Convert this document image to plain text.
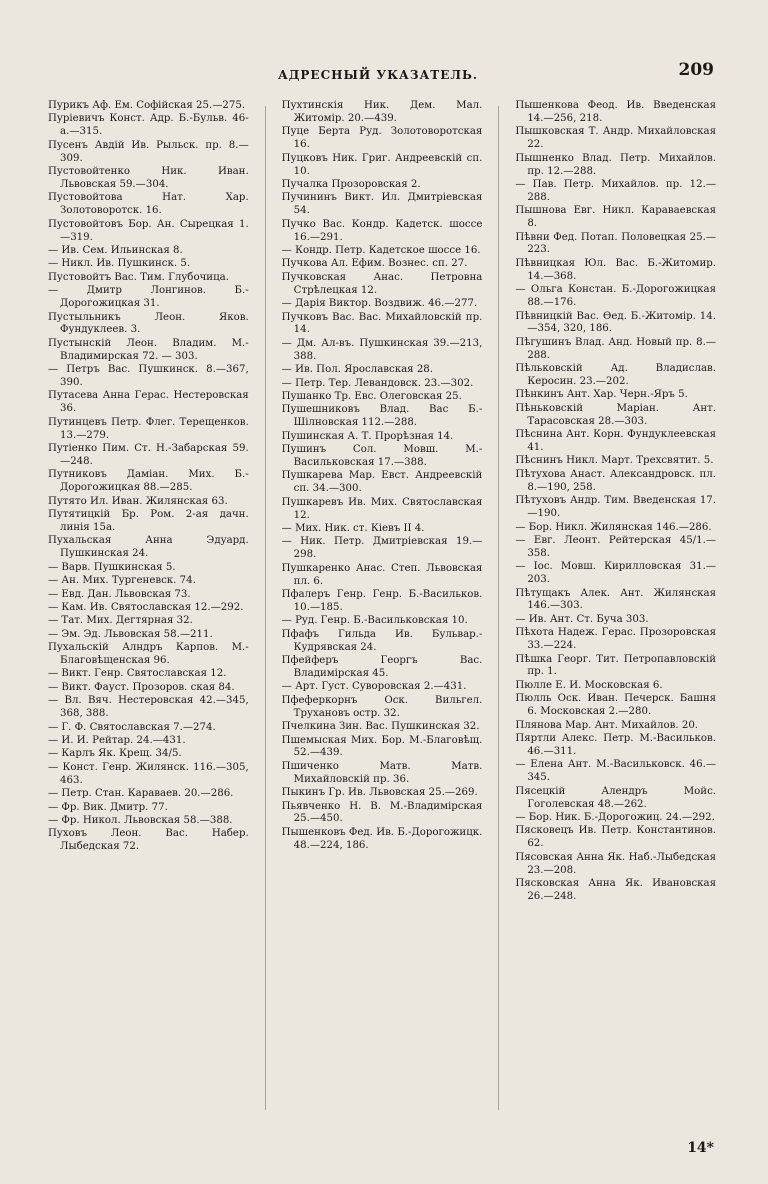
АДРЕСНЫЙ УКАЗАТЕЛЬ.	209
Пурикъ Аф. Ем. Софійская 25.—275.
Пуріевичъ Конст. Адр. Б.-Бульв. 46-а.—315.
Пусенъ Авдій Ив. Рыльск. пр. 8.—309.
Пустовойтенко Ник. Иван. Львовская 59.—304.
Пустовойтова Нат. Хар. Золотоворотск. 16.
Пустовойтовъ Бор. Ан. Сырецкая 1.—319.
— Ив. Сем. Ильинская 8.
— Никл. Ив. Пушкинск. 5.
Пустовойтъ Вас. Тим. Глубочица.
— Дмитр Лонгинов. Б.-Дорогожицкая 31.
Пустыльникъ Леон. Яков. Фундуклеев. 3.
Пустынскій Леон. Владим. М.-Владимирская 72. — 303.
— Петръ Вас. Пушкинск. 8.—367, 390.
Путасева Анна Герас. Нестеровская 36.
Путинцевъ Петр. Флег. Терещенков. 13.—279.
Путіенко Пим. Ст. Н.-Забарская 59.—248.
Путниковъ Даміан. Мих. Б.-Дорогожицкая 88.—285.
Путято Ил. Иван. Жилянская 63.
Путятицкій Бр. Ром. 2-ая дачн. линія 15а.
Пухальская Анна Эдуард. Пушкинская 24.
— Варв. Пушкинская 5.
— Ан. Мих. Тургеневск. 74.
— Евд. Дан. Львовская 73.
— Кам. Ив. Святославская 12.—292.
— Тат. Мих. Дегтярная 32.
— Эм. Эд. Львовская 58.—211.
Пухальскій Алндръ Карпов. М.-Благовѣщенская 96.
— Викт. Генр. Святославская 12.
— Викт. Фауст. Прозоров. ская 84.
— Вл. Вяч. Нестеровская 42.—345, 368, 388.
— Г. Ф. Святославская 7.—274.
— И. И. Рейтар. 24.—431.
— Карлъ Як. Крещ. 34/5.
— Конст. Генр. Жилянск. 116.—305, 463.
— Петр. Стан. Караваев. 20.—286.
— Фр. Вик. Дмитр. 77.
— Фр. Никол. Львовская 58.—388.
Пуховъ Леон. Вас. Набер. Лыбедская 72.
Пухтинскія Ник. Дем. Мал. Житомір. 20.—439.
Пуце Берта Руд. Золотоворотская 16.
Пуцковъ Ник. Григ. Андреевскій сп. 10.
Пучалка Прозоровская 2.
Пучининъ Викт. Ил. Дмитріевская 54.
Пучко Вас. Кондр. Кадетск. шоссе 16.—291.
— Кондр. Петр. Кадетское шоссе 16.
Пучкова Ал. Ефим. Вознес. сп. 27.
Пучковская Анас. Петровна Стрѣлецкая 12.
— Дарія Виктор. Воздвиж. 46.—277.
Пучковъ Вас. Вас. Михайловскій пр. 14.
— Дм. Ал-въ. Пушкинская 39.—213, 388.
— Ив. Пол. Ярославская 28.
— Петр. Тер. Левандовск. 23.—302.
Пушанко Тр. Евс. Олеговская 25.
Пушешниковъ Влад. Вас Б.-Шілновская 112.—288.
Пушинская А. Т. Прорѣзная 14.
Пушинъ Сол. Мовш. М.-Васильковская 17.—388.
Пушкарева Мар. Евст. Андреевскій сп. 34.—300.
Пушкаревъ Ив. Мих. Святославская 12.
— Мих. Ник. ст. Кіевъ II 4.
— Ник. Петр. Дмитріевская 19.—298.
Пушкаренко Анас. Степ. Львовская пл. 6.
Пфалеръ Генр. Генр. Б.-Васильков. 10.—185.
— Руд. Генр. Б.-Васильковская 10.
Пфафъ Гильда Ив. Бульвар.-Кудрявская 24.
Пфейферъ Георгъ Вас. Владимірская 45.
— Арт. Густ. Суворовская 2.—431.
Пфеферкорнъ Оск. Вильгел. Трухановъ остр. 32.
Пчелкина Зин. Вас. Пушкинская 32.
Пшемыская Мих. Бор. М.-Благовѣщ. 52.—439.
Пшиченко Матв. Матв. Михайловскій пр. 36.
Пыкинъ Гр. Ив. Львовская 25.—269.
Пьявченко Н. В. М.-Владимірская 25.—450.
Пышенковъ Фед. Ив. Б.-Дорогожицк. 48.—224, 186.
Пышенкова Феод. Ив. Введенская 14.—256, 218.
Пышковская Т. Андр. Михайловская 22.
Пышненко Влад. Петр. Михайлов. пр. 12.—288.
— Пав. Петр. Михайлов. пр. 12.—288.
Пышнова Евг. Никл. Караваевская 8.
Пѣвни Фед. Потап. Половецкая 25.—223.
Пѣвницкая Юл. Вас. Б.-Житомир. 14.—368.
— Ольга Констан. Б.-Дорогожицкая 88.—176.
Пѣвницкій Вас. Өед. Б.-Житомір. 14.—354, 320, 186.
Пѣгушинъ Влад. Анд. Новый пр. 8.—288.
Пѣльковскій Ад. Владислав. Керосин. 23.—202.
Пѣнкинъ Ант. Хар. Черн.-Яръ 5.
Пѣньковскій Маріан. Ант. Тарасовская 28.—303.
Пѣснина Ант. Корн. Фундуклеевская 41.
Пѣснинъ Никл. Март. Трехсвятит. 5.
Пѣтухова Анаст. Александровск. пл. 8.—190, 258.
Пѣтуховъ Андр. Тим. Введенская 17.—190.
— Бор. Никл. Жилянская 146.—286.
— Евг. Леонт. Рейтерская 45/1.—358.
— Іос. Мовш. Кирилловская 31.—203.
Пѣтущакъ Алек. Ант. Жилянская 146.—303.
— Ив. Ант. Ст. Буча 303.
Пѣхота Надеж. Герас. Прозоровская 33.—224.
Пѣшка Георг. Тит. Петропавловскій пр. 1.
Пюлле Е. И. Московская 6.
Пюлль Оск. Иван. Печерск. Башня 6. Московская 2.—280.
Плянова Мар. Ант. Михайлов. 20.
Пяртли Алекс. Петр. М.-Васильков. 46.—311.
— Елена Ант. М.-Васильковск. 46.—345.
Пясецкій Алендръ Мойс. Гоголевская 48.—262.
— Бор. Ник. Б.-Дорогожиц. 24.—292.
Пясковецъ Ив. Петр. Константинов. 62.
Пясовская Анна Як. Наб.-Лыбедская 23.—208.
Пясковская Анна Як. Ивановская 26.—248.
14*
